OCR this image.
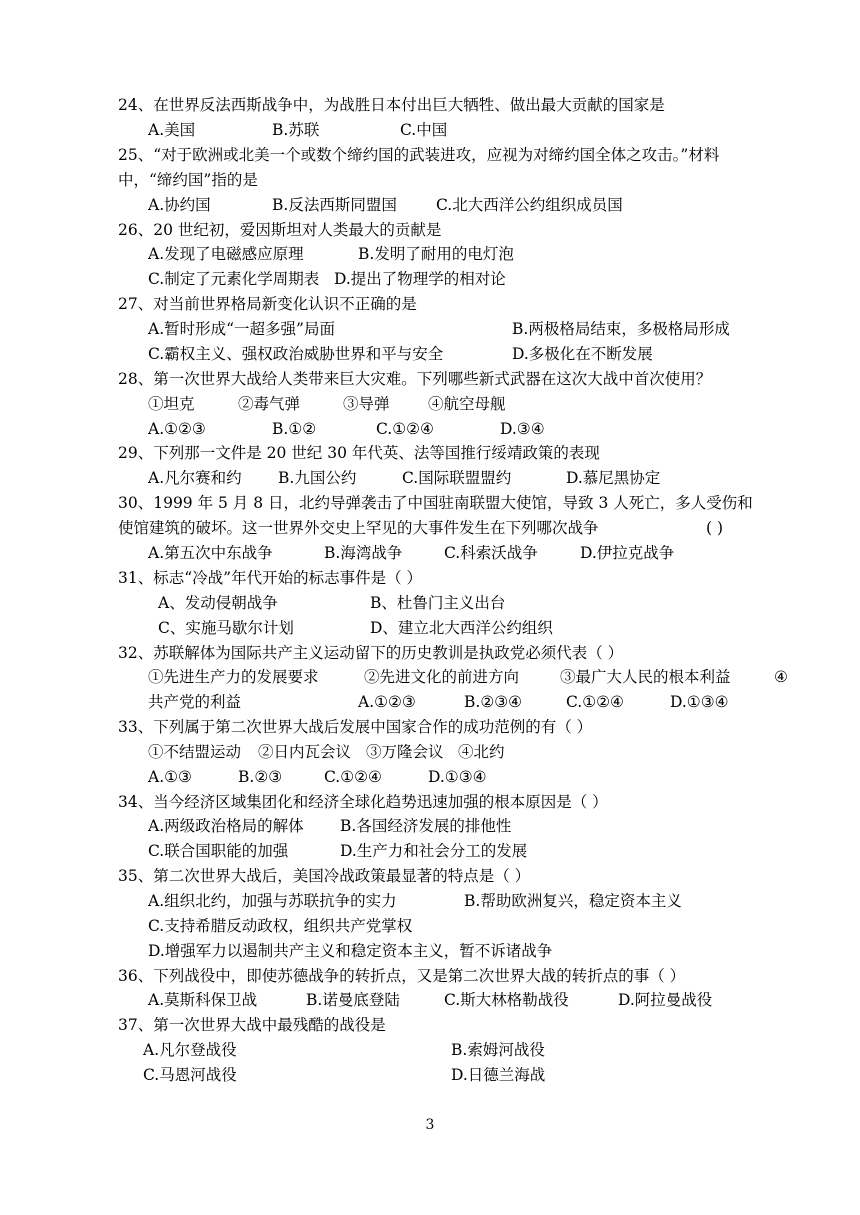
24、在世界反法西斯战争中，为战胜日本付出巨大牺牲、做出最大贡献的国家是
A.美国	B.苏联	C.中国
25、“对于欧洲或北美一个或数个缔约国的武装进攻，应视为对缔约国全体之攻击。”材料
中，“缔约国”指的是
A.协约国	B.反法西斯同盟国	C.北大西洋公约组织成员国
26、20 世纪初，爱因斯坦对人类最大的贡献是
A.发现了电磁感应原理	B.发明了耐用的电灯泡
C.制定了元素化学周期表 D.提出了物理学的相对论
27、对当前世界格局新变化认识不正确的是
A.暂时形成“一超多强”局面	B.两极格局结束，多极格局形成
C.霸权主义、强权政治威胁世界和平与安全	D.多极化在不断发展
28、第一次世界大战给人类带来巨大灾难。下列哪些新式武器在这次大战中首次使用？
①坦克	②毒气弹	③导弹 ④航空母舰
A.①②③	B.①②	C.①②④	D.③④
29、下列那一文件是 20 世纪 30 年代英、法等国推行绥靖政策的表现
A.凡尔赛和约 B.九国公约	C.国际联盟盟约	D.慕尼黑协定
30、1999 年 5 月 8 日，北约导弹袭击了中国驻南联盟大使馆，导致 3 人死亡，多人受伤和
使馆建筑的破坏。这一世界外交史上罕见的大事件发生在下列哪次战争	( )
A.第五次中东战争	B.海湾战争	C.科索沃战争	D.伊拉克战争
31、标志“冷战”年代开始的标志事件是（ ）
A、发动侵朝战争	B、杜鲁门主义出台
C、实施马歇尔计划	D、建立北大西洋公约组织
32、苏联解体为国际共产主义运动留下的历史教训是执政党必须代表（ ）
①先进生产力的发展要求	②先进文化的前进方向	③最广大人民的根本利益	④
共产党的利益	A.①②③	B.②③④	C.①②④	D.①③④
33、下列属于第二次世界大战后发展中国家合作的成功范例的有（ ）
①不结盟运动 ②日内瓦会议 ③万隆会议 ④北约
A.①③	B.②③	C.①②④	D.①③④
34、当今经济区域集团化和经济全球化趋势迅速加强的根本原因是（ ）
A.两级政治格局的解体 B.各国经济发展的排他性
C.联合国职能的加强	D.生产力和社会分工的发展
35、第二次世界大战后，美国冷战政策最显著的特点是（ ）
A.组织北约，加强与苏联抗争的实力	B.帮助欧洲复兴，稳定资本主义
C.支持希腊反动政权，组织共产党掌权
D.增强军力以遏制共产主义和稳定资本主义，暂不诉诸战争
36、下列战役中，即使苏德战争的转折点，又是第二次世界大战的转折点的事（ ）
A.莫斯科保卫战	B.诺曼底登陆	C.斯大林格勒战役	D.阿拉曼战役
37、第一次世界大战中最残酷的战役是
A.凡尔登战役	B.索姆河战役
C.马恩河战役	D.日德兰海战
3
